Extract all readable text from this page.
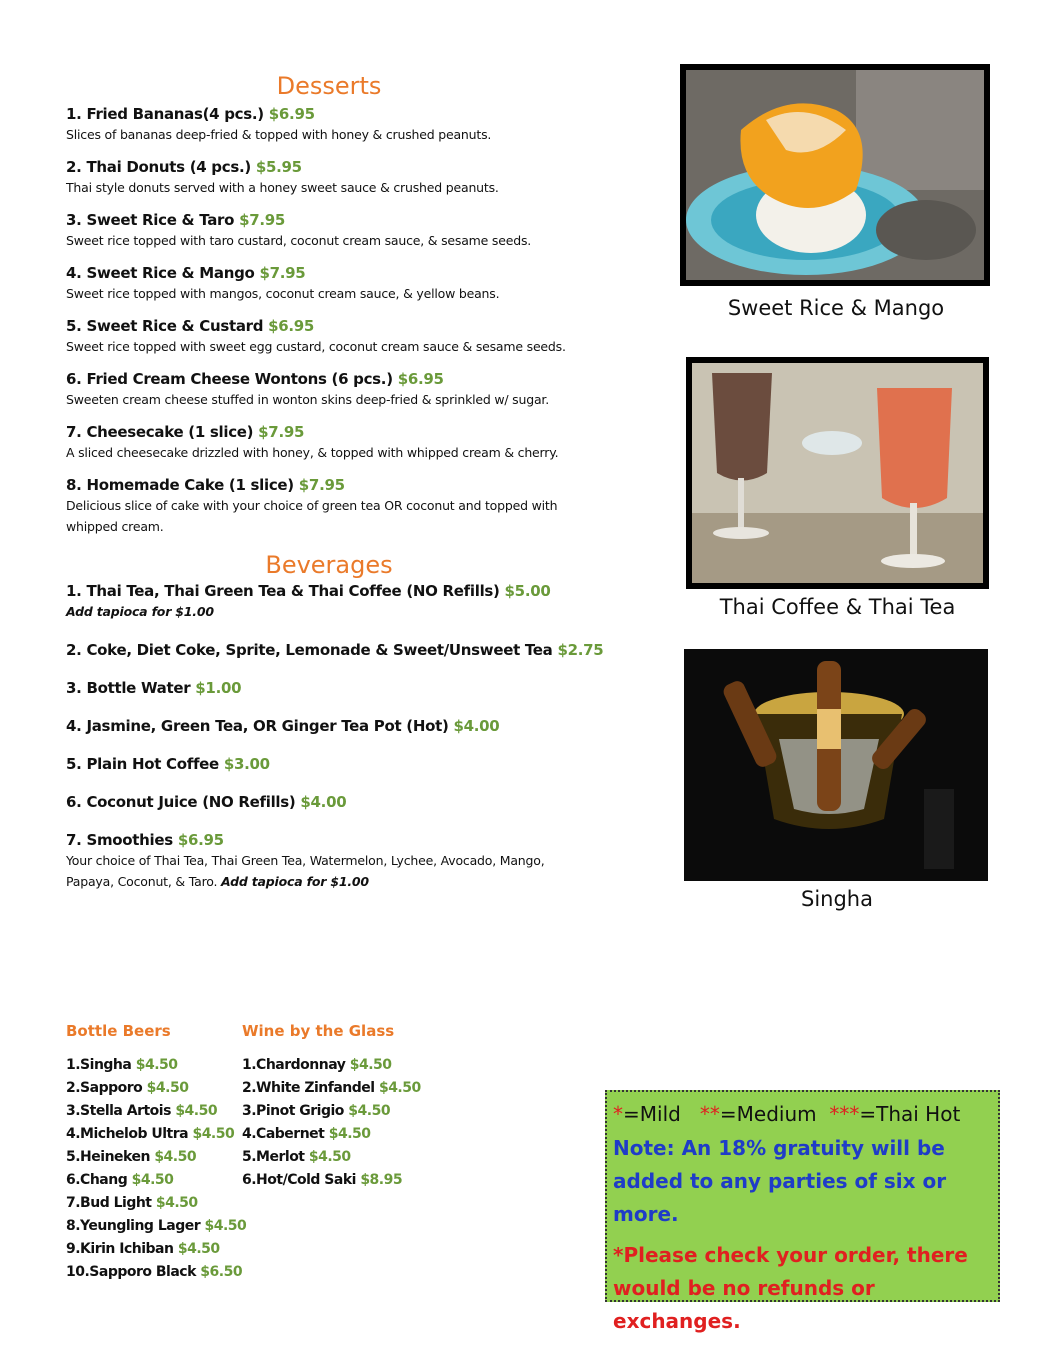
Desserts
1. Fried Bananas(4 pcs.) $6.95
Slices of bananas deep-fried & topped with honey & crushed peanuts.
2. Thai Donuts (4 pcs.) $5.95
Thai style donuts served with a honey sweet sauce & crushed peanuts.
3. Sweet Rice & Taro $7.95
Sweet rice topped with taro custard, coconut cream sauce, & sesame seeds.
4. Sweet Rice & Mango $7.95
Sweet rice topped with mangos, coconut cream sauce, & yellow beans.
5. Sweet Rice & Custard $6.95
Sweet rice topped with sweet egg custard, coconut cream sauce & sesame seeds.
6. Fried Cream Cheese Wontons (6 pcs.) $6.95
Sweeten cream cheese stuffed in wonton skins deep-fried & sprinkled w/ sugar.
7. Cheesecake (1 slice) $7.95
A sliced cheesecake drizzled with honey, & topped with whipped cream & cherry.
8. Homemade Cake (1 slice) $7.95
Delicious slice of cake with your choice of green tea OR coconut and topped with whipped cream.
Beverages
1. Thai Tea, Thai Green Tea & Thai Coffee (NO Refills) $5.00
Add tapioca for $1.00
2. Coke, Diet Coke, Sprite, Lemonade & Sweet/Unsweet Tea $2.75
3. Bottle Water $1.00
4. Jasmine, Green Tea, OR Ginger Tea Pot (Hot) $4.00
5. Plain Hot Coffee $3.00
6. Coconut Juice (NO Refills) $4.00
7. Smoothies $6.95
Your choice of Thai Tea, Thai Green Tea, Watermelon, Lychee, Avocado, Mango, Papaya, Coconut, & Taro. Add tapioca for $1.00
Sweet Rice & Mango
Thai Coffee & Thai Tea
Singha
Bottle Beers
1.Singha $4.50
2.Sapporo $4.50
3.Stella Artois $4.50
4.Michelob Ultra $4.50
5.Heineken $4.50
6.Chang $4.50
7.Bud Light $4.50
8.Yeungling Lager $4.50
9.Kirin Ichiban $4.50
10.Sapporo Black $6.50
Wine by the Glass
1.Chardonnay $4.50
2.White Zinfandel $4.50
3.Pinot Grigio $4.50
4.Cabernet $4.50
5.Merlot $4.50
6.Hot/Cold Saki $8.95
*=Mild **=Medium ***=Thai Hot
Note: An 18% gratuity will be added to any parties of six or more.
*Please check your order, there would be no refunds or exchanges.
